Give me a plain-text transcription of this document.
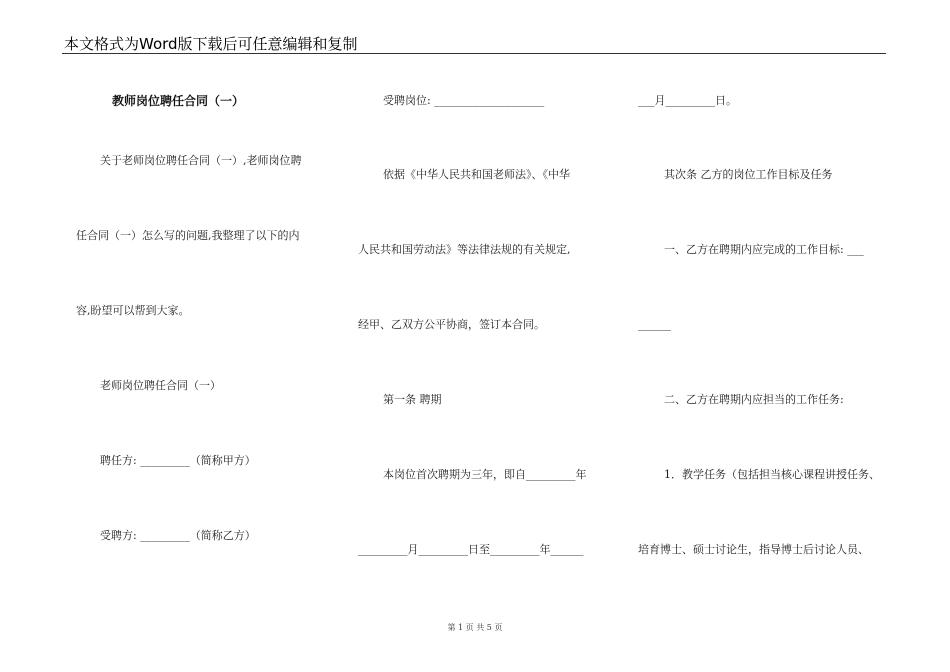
本文格式为Word版下载后可任意编辑和复制
教师岗位聘任合同（一）
关于老师岗位聘任合同（一）,老师岗位聘
任合同（一）怎么写的问题,我整理了以下的内
容,盼望可以帮到大家。
老师岗位聘任合同（一）
聘任方: _________（简称甲方）
受聘方: _________（简称乙方）
受聘岗位: ____________________
依据《中华人民共和国老师法》、《中华
人民共和国劳动法》等法律法规的有关规定,
经甲、乙双方公平协商，签订本合同。
第一条 聘期
本岗位首次聘期为三年，即自_________年
_________月_________日至_________年______
___月_________日。
其次条 乙方的岗位工作目标及任务
一、乙方在聘期内应完成的工作目标: ___
______
二、乙方在聘期内应担当的工作任务:
1．教学任务（包括担当核心课程讲授任务、
培育博士、硕士讨论生，指导博士后讨论人员、
第 1 页 共 5 页
